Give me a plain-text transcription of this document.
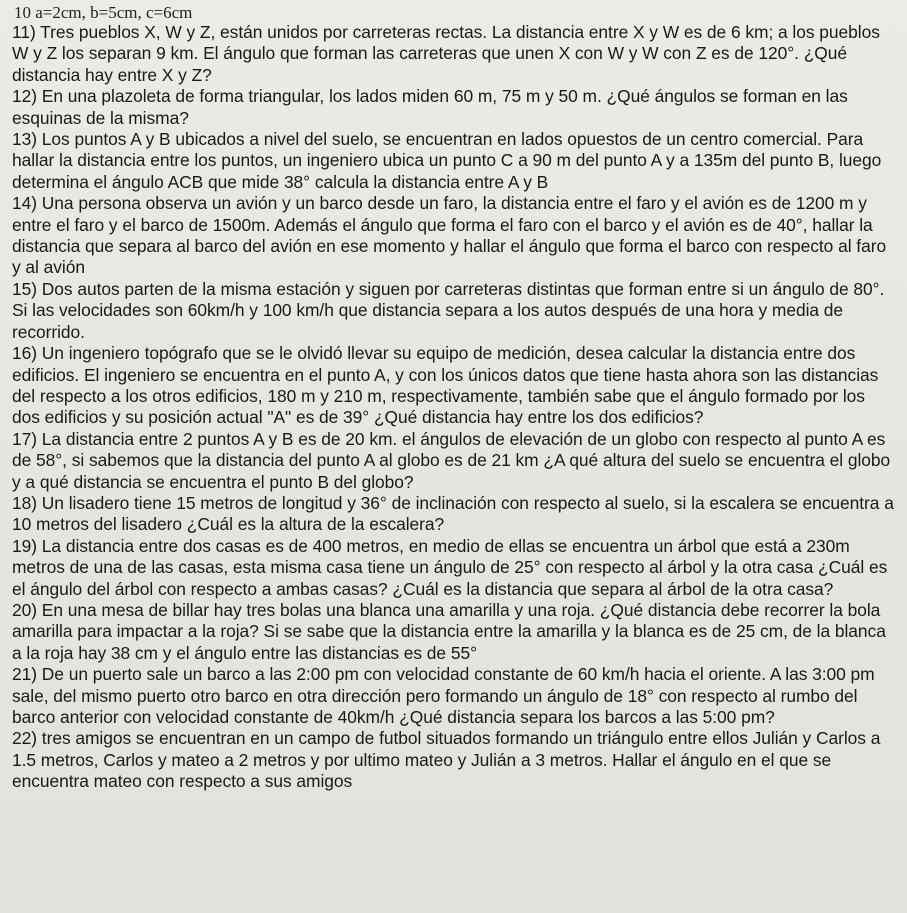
10 a=2cm, b=5cm, c=6cm

11) Tres pueblos X, W y Z, están unidos por carreteras rectas. La distancia entre X y W es de 6 km; a los pueblos W y Z los separan 9 km. El ángulo que forman las carreteras que unen X con W y W con Z es de 120°. ¿Qué distancia hay entre X y Z?

12) En una plazoleta de forma triangular, los lados miden 60 m, 75 m y 50 m. ¿Qué ángulos se forman en las esquinas de la misma?

13) Los puntos A y B ubicados a nivel del suelo, se encuentran en lados opuestos de un centro comercial. Para hallar la distancia entre los puntos, un ingeniero ubica un punto C a 90 m del punto A y a 135m del punto B, luego determina el ángulo ACB que mide 38° calcula la distancia entre A y B

14) Una persona observa un avión y un barco desde un faro, la distancia entre el faro y el avión es de 1200 m y entre el faro y el barco de 1500m. Además el ángulo que forma el faro con el barco y el avión es de 40°, hallar la distancia que separa al barco del avión en ese momento y hallar el ángulo que forma el barco con respecto al faro y al avión

15) Dos autos parten de la misma estación y siguen por carreteras distintas que forman entre si un ángulo de 80°. Si las velocidades son 60km/h y 100 km/h que distancia separa a los autos después de una hora y media de recorrido.

16) Un ingeniero topógrafo que se le olvidó llevar su equipo de medición, desea calcular la distancia entre dos edificios. El ingeniero se encuentra en el punto A, y con los únicos datos que tiene hasta ahora son las distancias del respecto a los otros edificios, 180 m y 210 m, respectivamente, también sabe que el ángulo formado por los dos edificios y su posición actual "A" es de 39° ¿Qué distancia hay entre los dos edificios?

17) La distancia entre 2 puntos A y B es de 20 km. el ángulos de elevación de un globo con respecto al punto A es de 58°, si sabemos que la distancia del punto A al globo es de 21 km ¿A qué altura del suelo se encuentra el globo y a qué distancia se encuentra el punto B del globo?

18) Un lisadero tiene 15 metros de longitud y 36° de inclinación con respecto al suelo, si la escalera se encuentra a 10 metros del lisadero ¿Cuál es la altura de la escalera?

19) La distancia entre dos casas es de 400 metros, en medio de ellas se encuentra un árbol que está a 230m metros de una de las casas, esta misma casa tiene un ángulo de 25° con respecto al árbol y la otra casa ¿Cuál es el ángulo del árbol con respecto a ambas casas? ¿Cuál es la distancia que separa al árbol de la otra casa?

20) En una mesa de billar hay tres bolas una blanca una amarilla y una roja. ¿Qué distancia debe recorrer la bola amarilla para impactar a la roja? Si se sabe que la distancia entre la amarilla y la blanca es de 25 cm, de la blanca a la roja hay 38 cm y el ángulo entre las distancias es de 55°

21) De un puerto sale un barco a las 2:00 pm con velocidad constante de 60 km/h hacia el oriente. A las 3:00 pm sale, del mismo puerto otro barco en otra dirección pero formando un ángulo de 18° con respecto al rumbo del barco anterior con velocidad constante de 40km/h ¿Qué distancia separa los barcos a las 5:00 pm?

22) tres amigos se encuentran en un campo de futbol situados formando un triángulo entre ellos Julián y Carlos a 1.5 metros, Carlos y mateo a 2 metros y por ultimo mateo y Julián a 3 metros. Hallar el ángulo en el que se encuentra mateo con respecto a sus amigos
